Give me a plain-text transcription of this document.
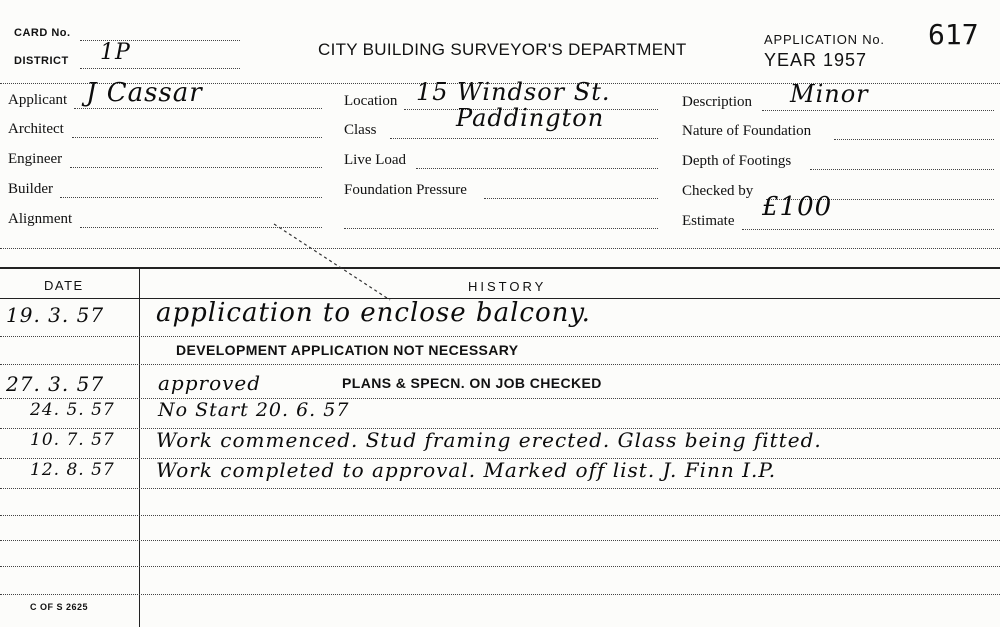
CARD No.
DISTRICT 1P	CITY BUILDING SURVEYOR'S DEPARTMENT
APPLICATION No. 617
YEAR 1957
Applicant J Cassar
Architect
Engineer
Builder
Alignment
Location 15 Windsor St.
Class	Paddington
Live Load
Foundation Pressure
Description Minor
Nature of Foundation
Depth of Footings
Checked by
Estimate £100
DATE	HISTORY
19. 3. 57 application to enclose balcony.
DEVELOPMENT APPLICATION NOT NECESSARY
27. 3. 57	approved	PLANS & SPECN. ON JOB CHECKED
24. 5. 57 No Start 20. 6. 57
10. 7. 57 Work commenced. Stud framing erected. Glass being fitted.
12. 8. 57 Work completed to approval. Marked off list. J. Finn I.P.
C OF S 2625
